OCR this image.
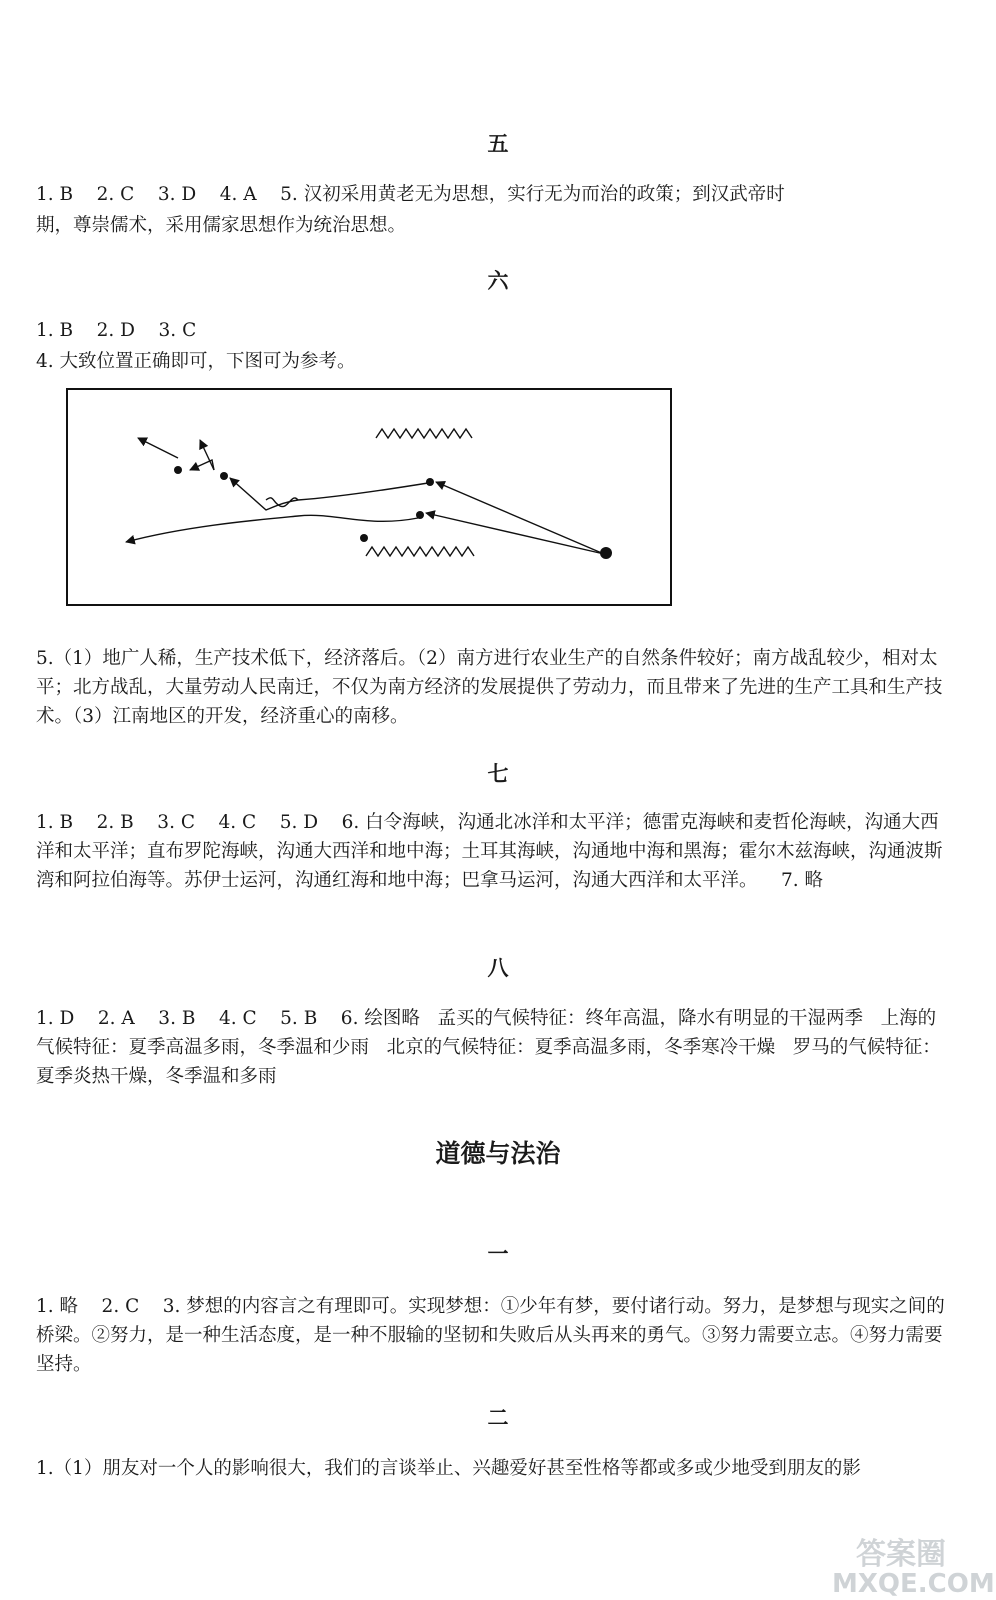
五
1. B    2. C    3. D    4. A    5. 汉初采用黄老无为思想，实行无为而治的政策；到汉武帝时
期，尊崇儒术，采用儒家思想作为统治思想。
六
1. B    2. D    3. C
4. 大致位置正确即可，下图可为参考。
5.（1）地广人稀，生产技术低下，经济落后。（2）南方进行农业生产的自然条件较好；南方战乱较少，相对太平；北方战乱，大量劳动人民南迁，不仅为南方经济的发展提供了劳动力，而且带来了先进的生产工具和生产技术。（3）江南地区的开发，经济重心的南移。
七
1. B    2. B    3. C    4. C    5. D    6. 白令海峡，沟通北冰洋和太平洋；德雷克海峡和麦哲伦海峡，沟通大西洋和太平洋；直布罗陀海峡，沟通大西洋和地中海；土耳其海峡，沟通地中海和黑海；霍尔木兹海峡，沟通波斯湾和阿拉伯海等。苏伊士运河，沟通红海和地中海；巴拿马运河，沟通大西洋和太平洋。    7. 略
八
1. D    2. A    3. B    4. C    5. B    6. 绘图略   孟买的气候特征：终年高温，降水有明显的干湿两季   上海的气候特征：夏季高温多雨，冬季温和少雨   北京的气候特征：夏季高温多雨，冬季寒冷干燥   罗马的气候特征：夏季炎热干燥，冬季温和多雨
道德与法治
一
1. 略    2. C    3. 梦想的内容言之有理即可。实现梦想：①少年有梦，要付诸行动。努力，是梦想与现实之间的桥梁。②努力，是一种生活态度，是一种不服输的坚韧和失败后从头再来的勇气。③努力需要立志。④努力需要坚持。
二
1.（1）朋友对一个人的影响很大，我们的言谈举止、兴趣爱好甚至性格等都或多或少地受到朋友的影
答案圈
MXQE.COM
